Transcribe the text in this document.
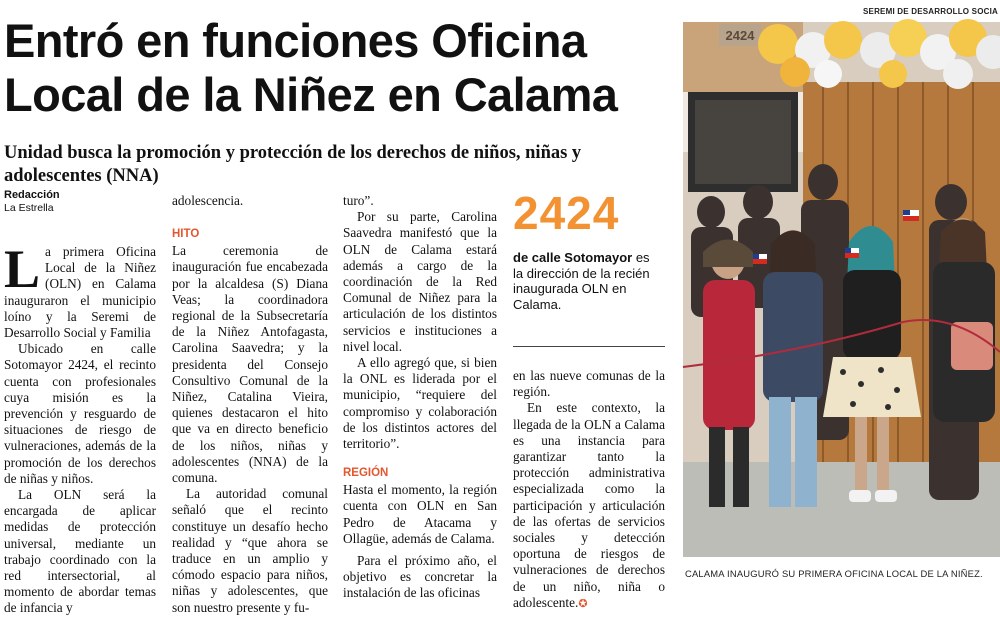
Entró en funciones Oficina
Local de la Niñez en Calama
Unidad busca la promoción y protección de los derechos de niños, niñas y adolescentes (NNA)
Redacción
La Estrella

La primera Oficina Local de la Niñez (OLN) en Calama inauguraron el municipio loíno y la Seremi de Desarrollo Social y Familia

Ubicado en calle Sotomayor 2424, el recinto cuenta con profesionales cuya misión es la prevención y resguardo de situaciones de riesgo de vulneraciones, además de la promoción de los derechos de niñas y niños.

La OLN será la encargada de aplicar medidas de protección universal, mediante un trabajo coordinado con la red intersectorial, al momento de abordar temas de infancia y

adolescencia.

HITO

La ceremonia de inauguración fue encabezada por la alcaldesa (S) Diana Veas; la coordinadora regional de la Subsecretaría de la Niñez Antofagasta, Carolina Saavedra; y la presidenta del Consejo Consultivo Comunal de la Niñez, Catalina Vieira, quienes destacaron el hito que va en directo beneficio de los niños, niñas y adolescentes (NNA) de la comuna.

La autoridad comunal señaló que el recinto constituye un desafío hecho realidad y “que ahora se traduce en un amplio y cómodo espacio para niños, niñas y adolescentes, que son nuestro presente y fu-

turo”.

Por su parte, Carolina Saavedra manifestó que la OLN de Calama estará además a cargo de la coordinación de la Red Comunal de Niñez para la articulación de los distintos servicios e instituciones a nivel local.

A ello agregó que, si bien la ONL es liderada por el municipio, “requiere del compromiso y colaboración de los distintos actores del territorio”.

REGIÓN

Hasta el momento, la región cuenta con OLN en San Pedro de Atacama y Ollagüe, además de Calama.

Para el próximo año, el objetivo es concretar la instalación de las oficinas

2424
de calle Sotomayor es la dirección de la recién inaugurada OLN en Calama.

en las nueve comunas de la región.

En este contexto, la llegada de la OLN a Calama es una instancia para garantizar tanto la protección administrativa especializada como la participación y articulación de las ofertas de servicios sociales y detección oportuna de riesgos de vulneraciones de derechos de un niño, niña o adolescente.✪

SEREMI DE DESARROLLO SOCIA
2424
CALAMA INAUGURÓ SU PRIMERA OFICINA LOCAL DE LA NIÑEZ.
